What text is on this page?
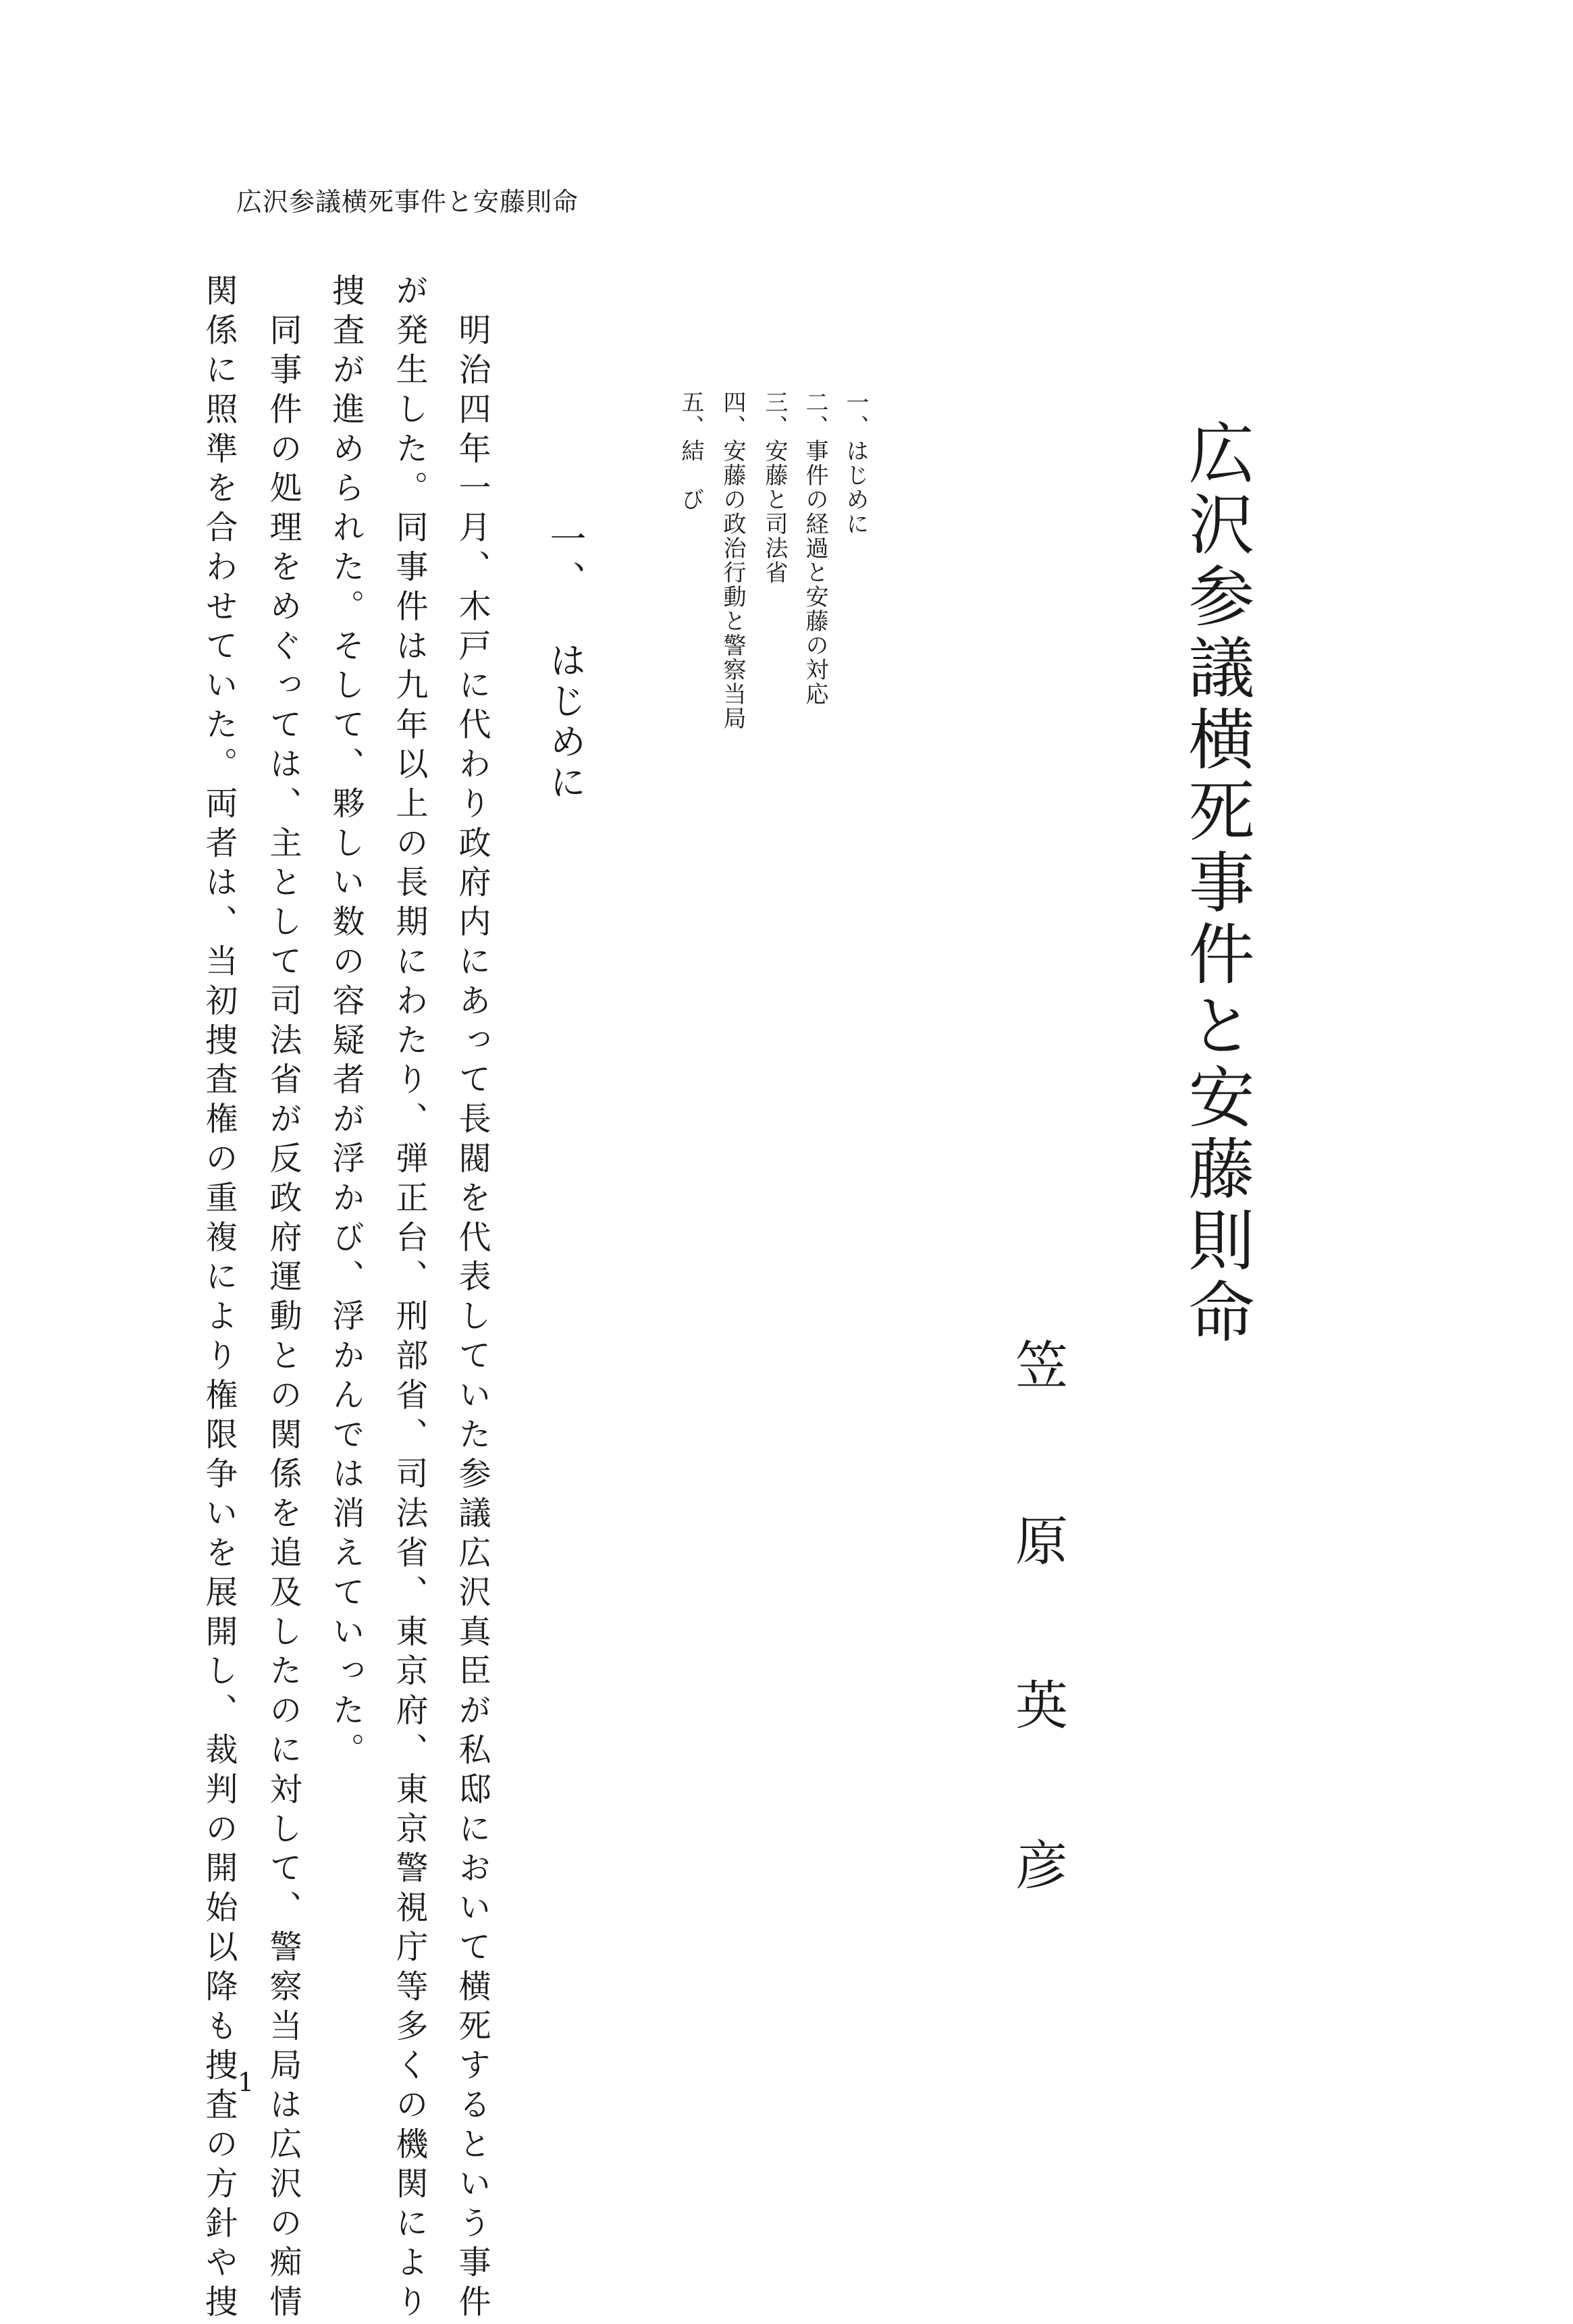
広沢参議横死事件と安藤則命
広沢参議横死事件と安藤則命
笠
原
英
彦
一、はじめに
二、事件の経過と安藤の対応
三、安藤と司法省
四、安藤の政治行動と警察当局
五、結　び
一、はじめに
　明治四年一月、木戸に代わり政府内にあって長閥を代表していた参議広沢真臣が私邸において横死するという事件
が発生した。同事件は九年以上の長期にわたり、弾正台、刑部省、司法省、東京府、東京警視庁等多くの機関により
捜査が進められた。そして、夥しい数の容疑者が浮かび、浮かんでは消えていった。
　同事件の処理をめぐっては、主として司法省が反政府運動との関係を追及したのに対して、警察当局は広沢の痴情
関係に照準を合わせていた。両者は、当初捜査権の重複により権限争いを展開し、裁判の開始以降も捜査の方針や捜 1
